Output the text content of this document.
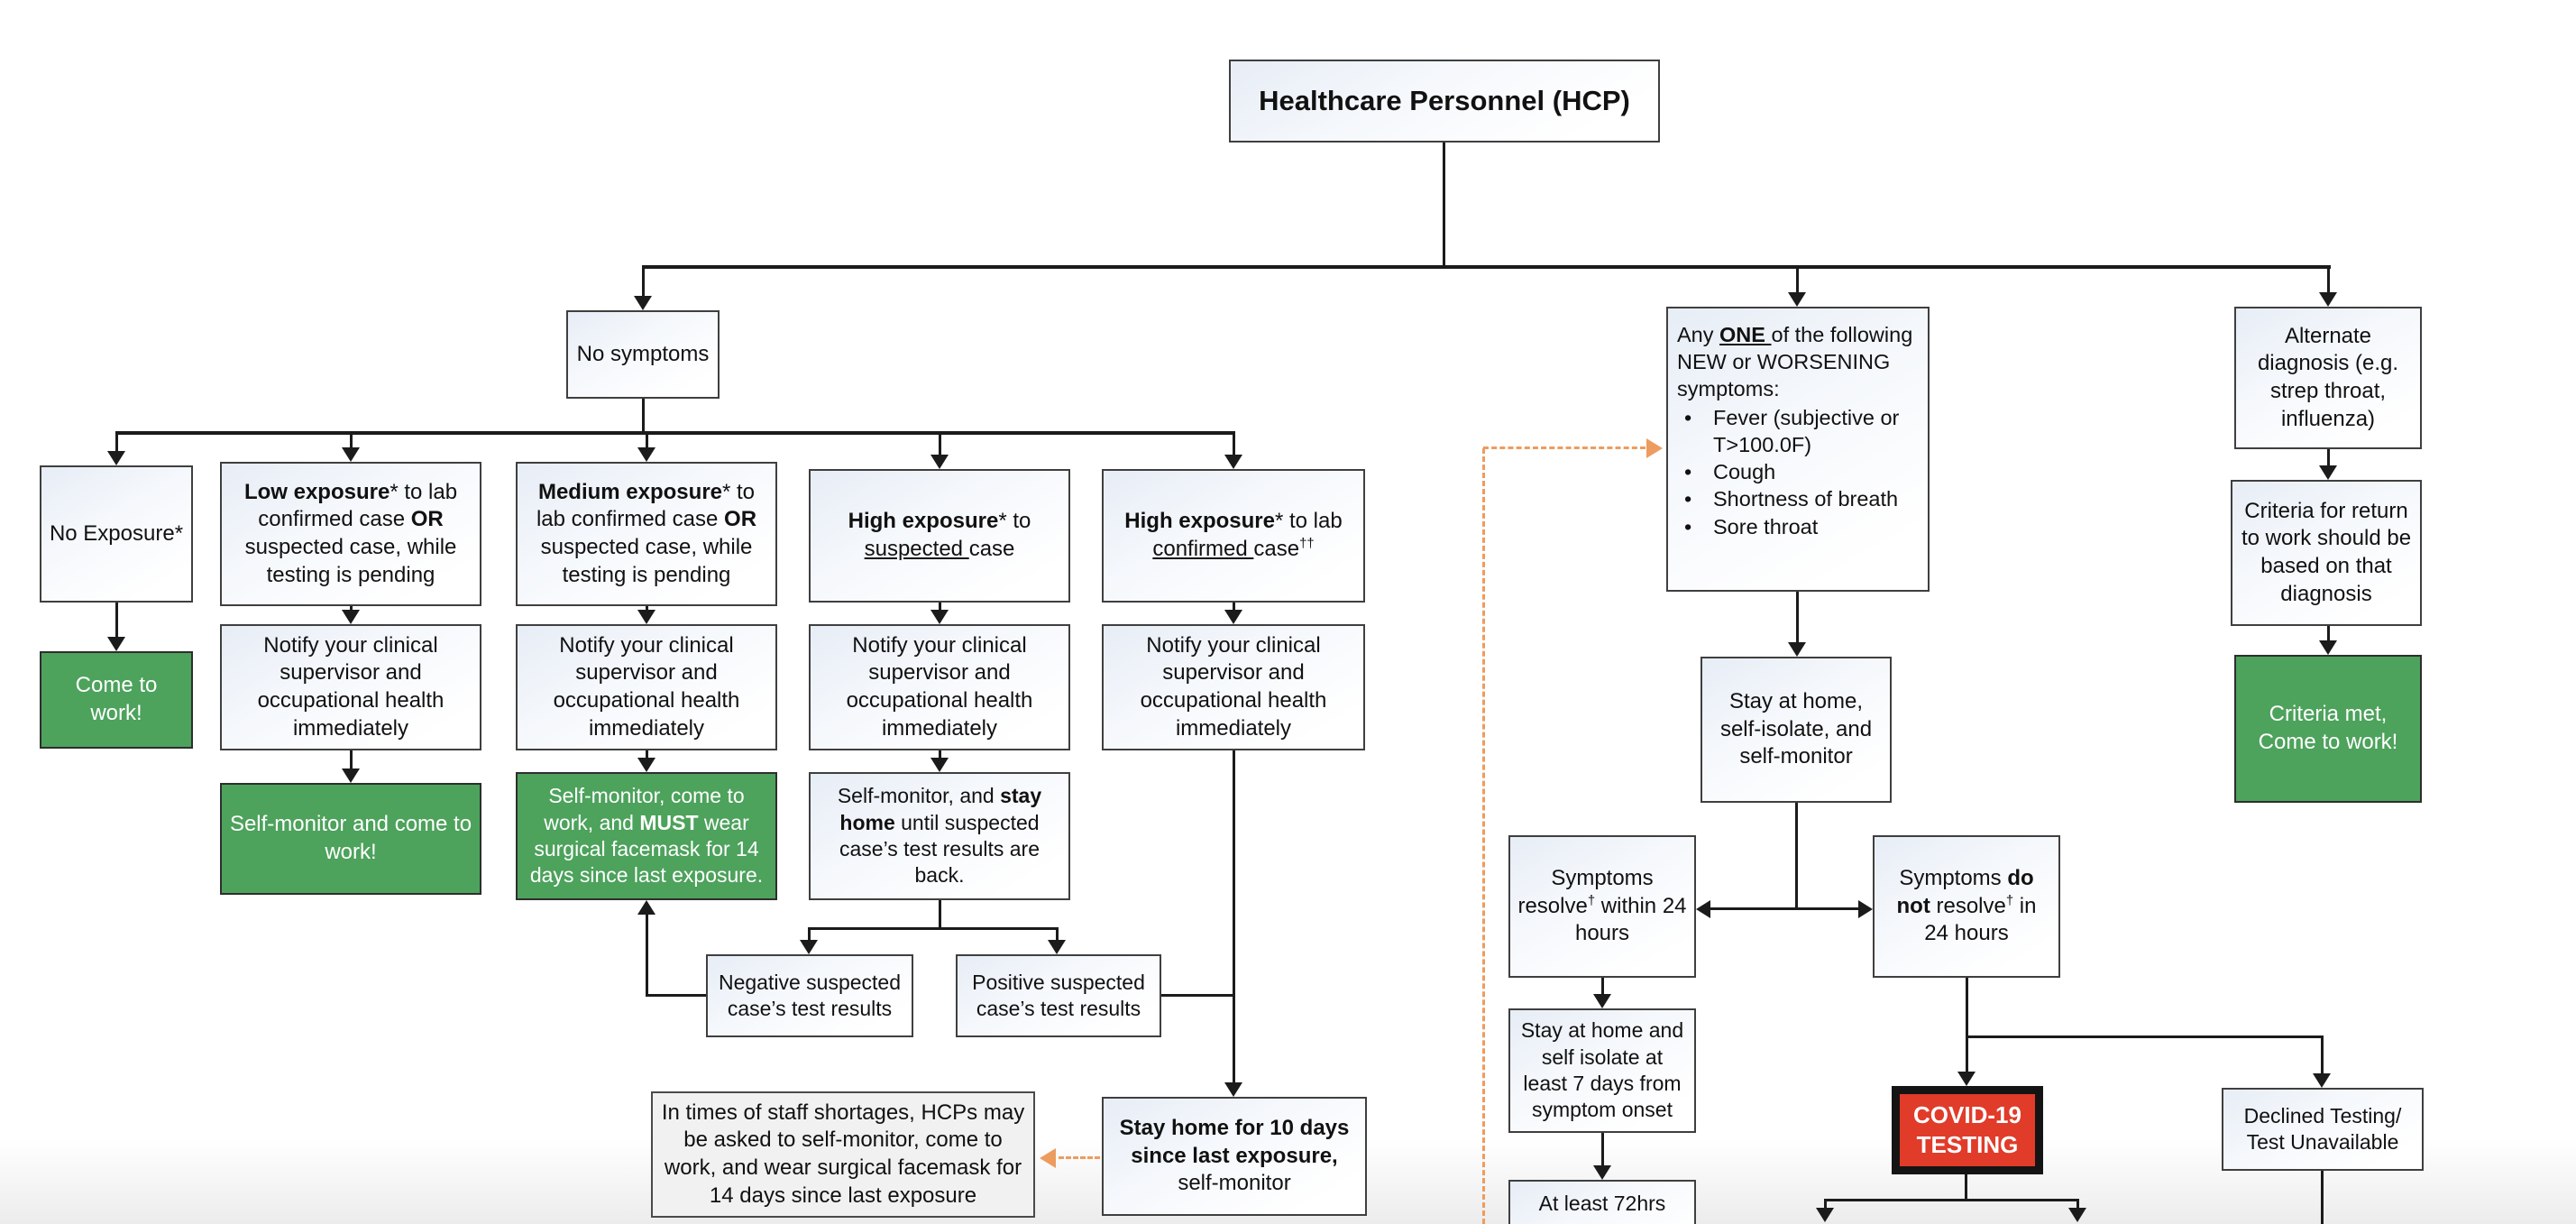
Healthcare Personnel (HCP)
No symptoms
No Exposure*
Low exposure* to lab confirmed case OR suspected case, while testing is pending
Medium exposure* to lab confirmed case OR suspected case, while testing is pending
High exposure* to suspected case
High exposure* to lab confirmed case††
Come to work!
Notify your clinical supervisor and occupational health immediately
Notify your clinical supervisor and occupational health immediately
Notify your clinical supervisor and occupational health immediately
Notify your clinical supervisor and occupational health immediately
Self-monitor and come to work!
Self-monitor, come to work, and MUST wear surgical facemask for 14 days since last exposure.
Self-monitor, and stay home until suspected case’s test results are back.
Negative suspected case’s test results
Positive suspected case’s test results
In times of staff shortages, HCPs may be asked to self-monitor, come to work, and wear surgical facemask for 14 days since last exposure
Stay home for 10 days since last exposure, self-monitor
Any ONE of the following NEW or WORSENING symptoms:
• Fever (subjective or T>100.0F)
• Cough
• Shortness of breath
• Sore throat
Stay at home, self-isolate, and self-monitor
Symptoms resolve† within 24 hours
Symptoms do not resolve† in 24 hours
Stay at home and self isolate at least 7 days from symptom onset
At least 72hrs
COVID-19 TESTING
Declined Testing/ Test Unavailable
Alternate diagnosis (e.g. strep throat, influenza)
Criteria for return to work should be based on that diagnosis
Criteria met, Come to work!
